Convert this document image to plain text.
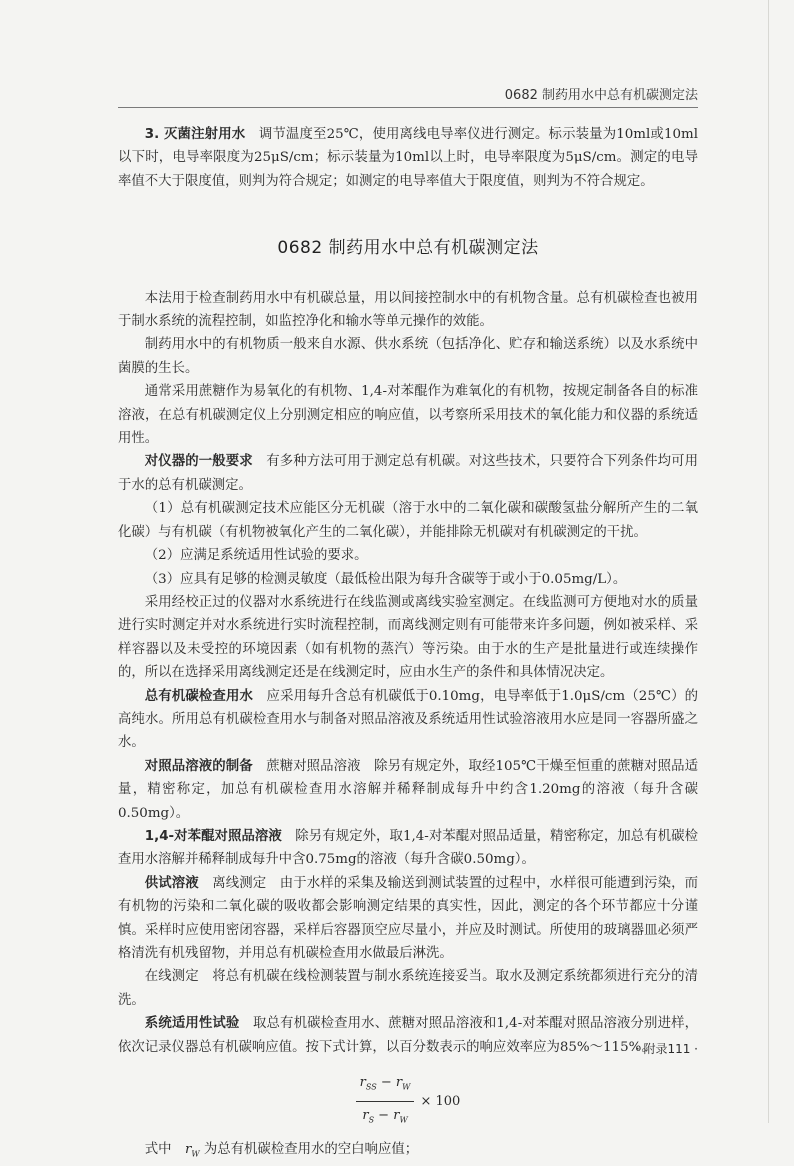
0682 制药用水中总有机碳测定法

3. 灭菌注射用水　 调节温度至25℃，使用离线电导率仪进行测定。标示装量为10ml或10ml以下时，电导率限度为25μS/cm；标示装量为10ml以上时，电导率限度为5μS/cm。测定的电导率值不大于限度值，则判为符合规定；如测定的电导率值大于限度值，则判为不符合规定。

0682 制药用水中总有机碳测定法

本法用于检查制药用水中有机碳总量，用以间接控制水中的有机物含量。总有机碳检查也被用于制水系统的流程控制，如监控净化和输水等单元操作的效能。

制药用水中的有机物质一般来自水源、供水系统（包括净化、贮存和输送系统）以及水系统中菌膜的生长。

通常采用蔗糖作为易氧化的有机物、1,4-对苯醌作为难氧化的有机物，按规定制备各自的标准溶液，在总有机碳测定仪上分别测定相应的响应值，以考察所采用技术的氧化能力和仪器的系统适用性。

对仪器的一般要求　 有多种方法可用于测定总有机碳。对这些技术，只要符合下列条件均可用于水的总有机碳测定。

（1）总有机碳测定技术应能区分无机碳（溶于水中的二氧化碳和碳酸氢盐分解所产生的二氧化碳）与有机碳（有机物被氧化产生的二氧化碳），并能排除无机碳对有机碳测定的干扰。

（2）应满足系统适用性试验的要求。

（3）应具有足够的检测灵敏度（最低检出限为每升含碳等于或小于0.05mg/L）。

采用经校正过的仪器对水系统进行在线监测或离线实验室测定。在线监测可方便地对水的质量进行实时测定并对水系统进行实时流程控制，而离线测定则有可能带来许多问题，例如被采样、采样容器以及未受控的环境因素（如有机物的蒸汽）等污染。由于水的生产是批量进行或连续操作的，所以在选择采用离线测定还是在线测定时，应由水生产的条件和具体情况决定。

总有机碳检查用水　 应采用每升含总有机碳低于0.10mg，电导率低于1.0μS/cm（25℃）的高纯水。所用总有机碳检查用水与制备对照品溶液及系统适用性试验溶液用水应是同一容器所盛之水。

对照品溶液的制备　 蔗糖对照品溶液　除另有规定外，取经105℃干燥至恒重的蔗糖对照品适量，精密称定，加总有机碳检查用水溶解并稀释制成每升中约含1.20mg的溶液（每升含碳0.50mg）。

1,4-对苯醌对照品溶液　 除另有规定外，取1,4-对苯醌对照品适量，精密称定，加总有机碳检查用水溶解并稀释制成每升中含0.75mg的溶液（每升含碳0.50mg）。

供试溶液　 离线测定　由于水样的采集及输送到测试装置的过程中，水样很可能遭到污染，而有机物的污染和二氧化碳的吸收都会影响测定结果的真实性，因此，测定的各个环节都应十分谨慎。采样时应使用密闭容器，采样后容器顶空应尽量小，并应及时测试。所使用的玻璃器皿必须严格清洗有机残留物，并用总有机碳检查用水做最后淋洗。

在线测定　将总有机碳在线检测装置与制水系统连接妥当。取水及测定系统都须进行充分的清洗。

系统适用性试验　 取总有机碳检查用水、蔗糖对照品溶液和1,4-对苯醌对照品溶液分别进样，依次记录仪器总有机碳响应值。按下式计算，以百分数表示的响应效率应为85%～115%。

$\frac{r_{SS} - r_W}{r_S - r_W} \times 100$

式中　 $r_W$ 为总有机碳检查用水的空白响应值；

· 附录111 ·
